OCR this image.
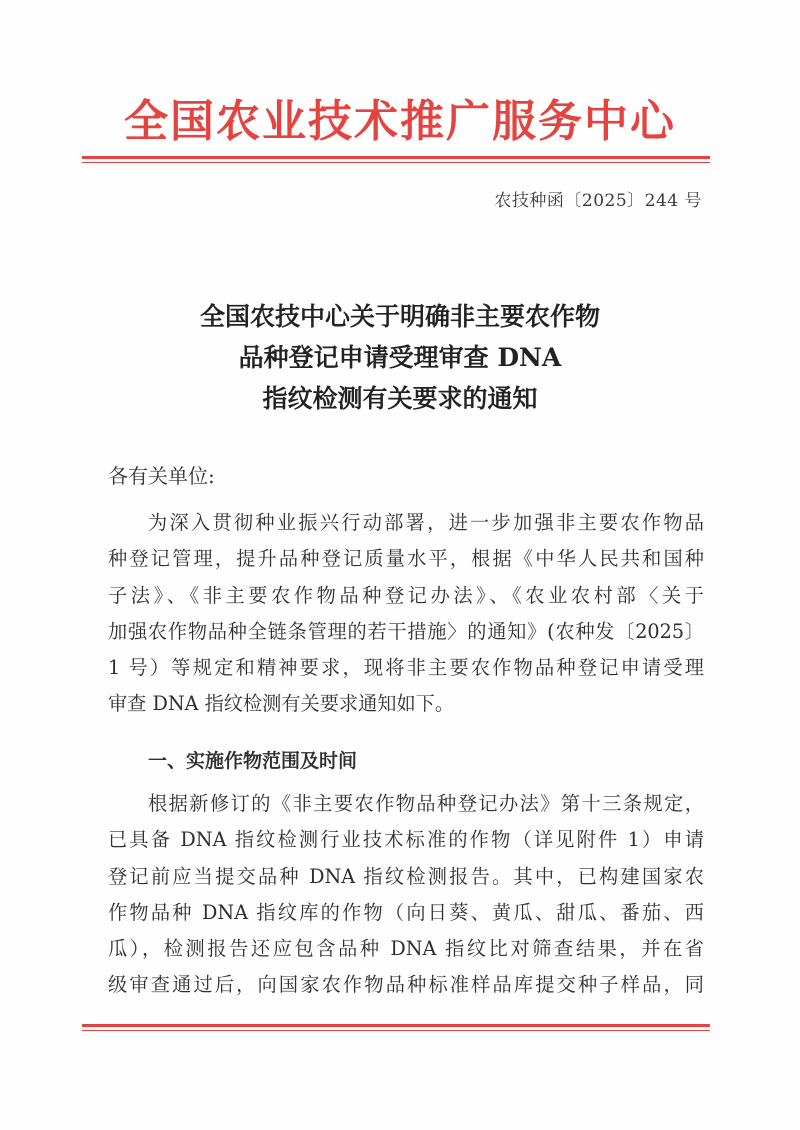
全国农业技术推广服务中心
农技种函〔2025〕244 号
全国农技中心关于明确非主要农作物
品种登记申请受理审查 DNA
指纹检测有关要求的通知
各有关单位:
为深入贯彻种业振兴行动部署，进一步加强非主要农作物品
种登记管理，提升品种登记质量水平，根据《中华人民共和国种
子法》、《非主要农作物品种登记办法》、《农业农村部〈关于
加强农作物品种全链条管理的若干措施〉的通知》(农种发〔2025〕
1 号）等规定和精神要求，现将非主要农作物品种登记申请受理
审查 DNA 指纹检测有关要求通知如下。
一、实施作物范围及时间
根据新修订的《非主要农作物品种登记办法》第十三条规定，
已具备 DNA 指纹检测行业技术标准的作物（详见附件 1）申请
登记前应当提交品种 DNA 指纹检测报告。其中，已构建国家农
作物品种 DNA 指纹库的作物（向日葵、黄瓜、甜瓜、番茄、西
瓜），检测报告还应包含品种 DNA 指纹比对筛查结果，并在省
级审查通过后，向国家农作物品种标准样品库提交种子样品，同
